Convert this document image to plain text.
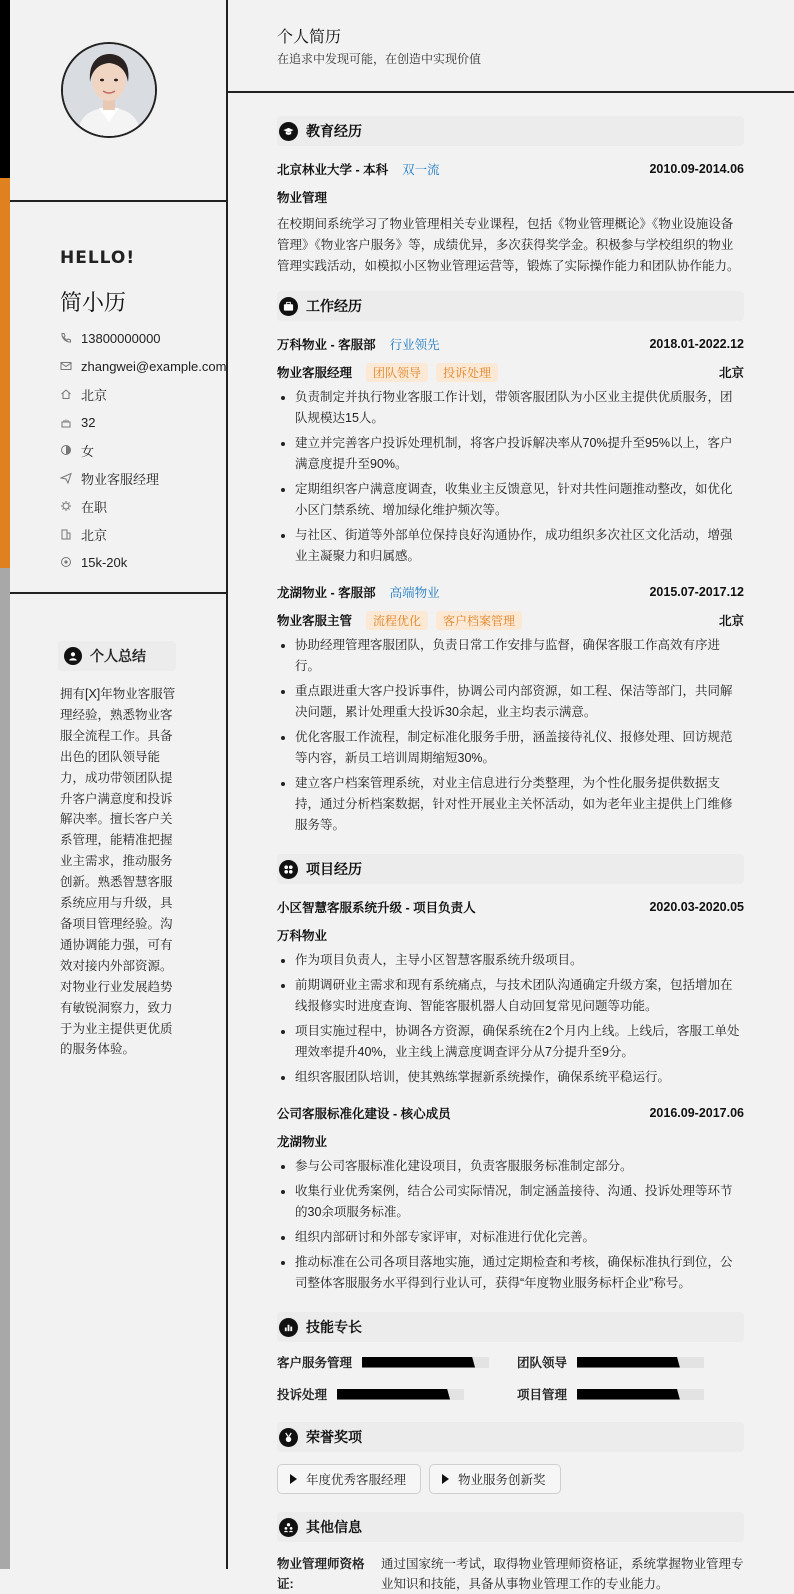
HELLO!
简小历
13800000000
zhangwei@example.com
北京
32
女
物业客服经理
在职
北京
15k-20k
个人总结
拥有[X]年物业客服管理经验，熟悉物业客服全流程工作。具备出色的团队领导能力，成功带领团队提升客户满意度和投诉解决率。擅长客户关系管理，能精准把握业主需求，推动服务创新。熟悉智慧客服系统应用与升级，具备项目管理经验。沟通协调能力强，可有效对接内外部资源。对物业行业发展趋势有敏锐洞察力，致力于为业主提供更优质的服务体验。
个人简历
在追求中发现可能，在创造中实现价值
教育经历
北京林业大学 - 本科 双一流	2010.09-2014.06
物业管理
在校期间系统学习了物业管理相关专业课程，包括《物业管理概论》《物业设施设备管理》《物业客户服务》等，成绩优异，多次获得奖学金。积极参与学校组织的物业管理实践活动，如模拟小区物业管理运营等，锻炼了实际操作能力和团队协作能力。
工作经历
万科物业 - 客服部 行业领先	2018.01-2022.12
物业客服经理	团队领导	投诉处理	北京
• 负责制定并执行物业客服工作计划，带领客服团队为小区业主提供优质服务，团队规模达15人。
• 建立并完善客户投诉处理机制，将客户投诉解决率从70%提升至95%以上，客户满意度提升至90%。
• 定期组织客户满意度调查，收集业主反馈意见，针对共性问题推动整改，如优化小区门禁系统、增加绿化维护频次等。
• 与社区、街道等外部单位保持良好沟通协作，成功组织多次社区文化活动，增强业主凝聚力和归属感。
龙湖物业 - 客服部 高端物业	2015.07-2017.12
物业客服主管	流程优化	客户档案管理	北京
• 协助经理管理客服团队，负责日常工作安排与监督，确保客服工作高效有序进行。
• 重点跟进重大客户投诉事件，协调公司内部资源，如工程、保洁等部门，共同解决问题，累计处理重大投诉30余起，业主均表示满意。
• 优化客服工作流程，制定标准化服务手册，涵盖接待礼仪、报修处理、回访规范等内容，新员工培训周期缩短30%。
• 建立客户档案管理系统，对业主信息进行分类整理，为个性化服务提供数据支持，通过分析档案数据，针对性开展业主关怀活动，如为老年业主提供上门维修服务等。
项目经历
小区智慧客服系统升级 - 项目负责人	2020.03-2020.05
万科物业
• 作为项目负责人，主导小区智慧客服系统升级项目。
• 前期调研业主需求和现有系统痛点，与技术团队沟通确定升级方案，包括增加在线报修实时进度查询、智能客服机器人自动回复常见问题等功能。
• 项目实施过程中，协调各方资源，确保系统在2个月内上线。上线后，客服工单处理效率提升40%，业主线上满意度调查评分从7分提升至9分。
• 组织客服团队培训，使其熟练掌握新系统操作，确保系统平稳运行。
公司客服标准化建设 - 核心成员	2016.09-2017.06
龙湖物业
• 参与公司客服标准化建设项目，负责客服服务标准制定部分。
• 收集行业优秀案例，结合公司实际情况，制定涵盖接待、沟通、投诉处理等环节的30余项服务标准。
• 组织内部研讨和外部专家评审，对标准进行优化完善。
• 推动标准在公司各项目落地实施，通过定期检查和考核，确保标准执行到位，公司整体客服服务水平得到行业认可，获得“年度物业服务标杆企业”称号。
技能专长
客户服务管理	团队领导
投诉处理	项目管理
荣誉奖项
年度优秀客服经理	物业服务创新奖
其他信息
物业管理师资格证:
通过国家统一考试，取得物业管理师资格证，系统掌握物业管理专业知识和技能，具备从事物业管理工作的专业能力。
